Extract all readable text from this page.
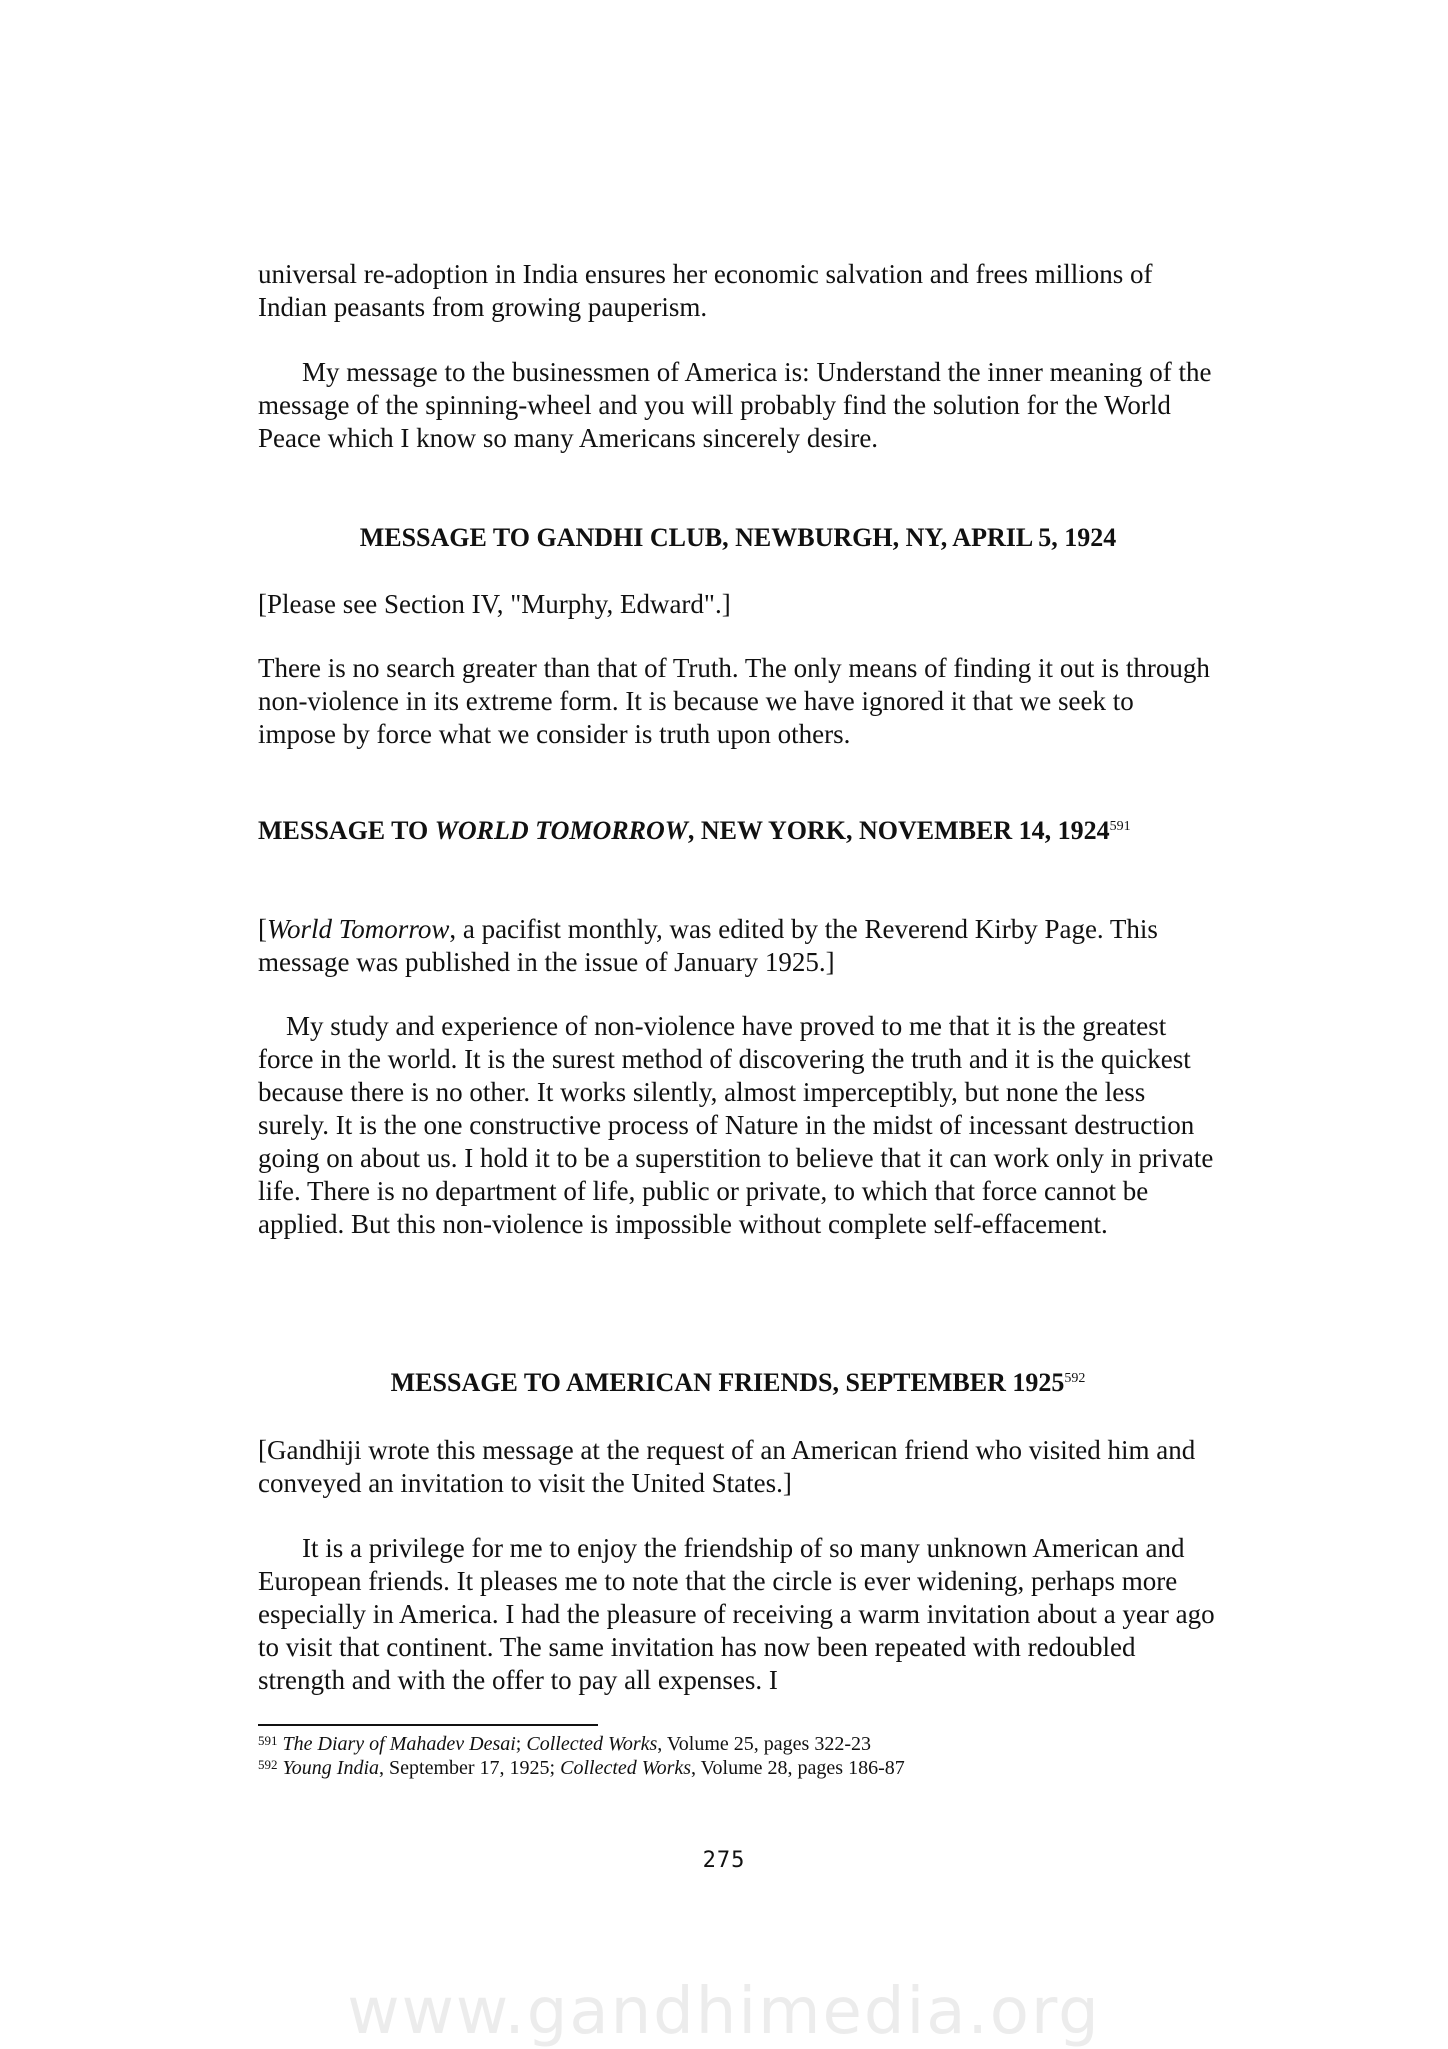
universal re-adoption in India ensures her economic salvation and frees millions of Indian peasants from growing pauperism.

My message to the businessmen of America is: Understand the inner meaning of the message of the spinning-wheel and you will probably find the solution for the World Peace which I know so many Americans sincerely desire.

MESSAGE TO GANDHI CLUB, NEWBURGH, NY, APRIL 5, 1924

[Please see Section IV, "Murphy, Edward".]

There is no search greater than that of Truth. The only means of finding it out is through non-violence in its extreme form. It is because we have ignored it that we seek to impose by force what we consider is truth upon others.

MESSAGE TO WORLD TOMORROW, NEW YORK, NOVEMBER 14, 1924$^{591}$

[World Tomorrow, a pacifist monthly, was edited by the Reverend Kirby Page. This message was published in the issue of January 1925.]

My study and experience of non-violence have proved to me that it is the greatest force in the world. It is the surest method of discovering the truth and it is the quickest because there is no other. It works silently, almost imperceptibly, but none the less surely. It is the one constructive process of Nature in the midst of incessant destruction going on about us. I hold it to be a superstition to believe that it can work only in private life. There is no department of life, public or private, to which that force cannot be applied. But this non-violence is impossible without complete self-effacement.

MESSAGE TO AMERICAN FRIENDS, SEPTEMBER 1925$^{592}$

[Gandhiji wrote this message at the request of an American friend who visited him and conveyed an invitation to visit the United States.]

It is a privilege for me to enjoy the friendship of so many unknown American and European friends. It pleases me to note that the circle is ever widening, perhaps more especially in America. I had the pleasure of receiving a warm invitation about a year ago to visit that continent. The same invitation has now been repeated with redoubled strength and with the offer to pay all expenses. I

$^{591}$ The Diary of Mahadev Desai; Collected Works, Volume 25, pages 322-23

$^{592}$ Young India, September 17, 1925; Collected Works, Volume 28, pages 186-87

275
www.gandhimedia.org
